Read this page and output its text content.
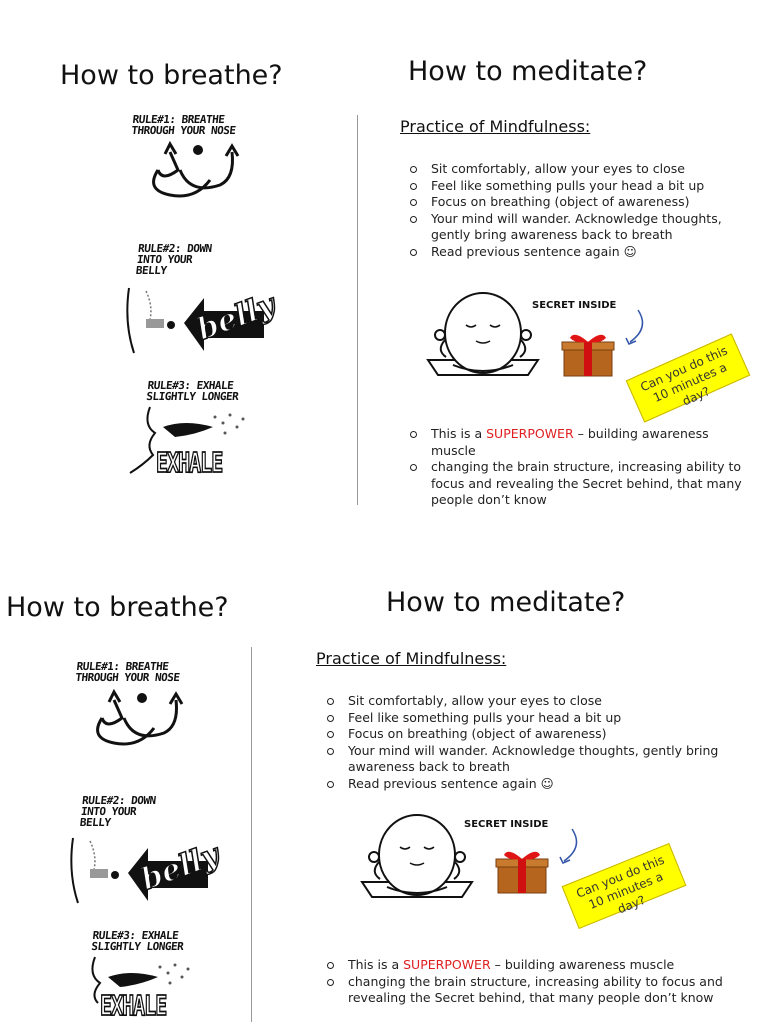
How to breathe?	How to meditate?
RULE#1: BREATHE
THROUGH YOUR NOSE
RULE#2: DOWN
INTO YOUR
BELLY
belly
RULE#3: EXHALE
SLIGHTLY LONGER
EXHALE
Practice of Mindfulness:
Sit comfortably, allow your eyes to close
Feel like something pulls your head a bit up
Focus on breathing (object of awareness)
Your mind will wander. Acknowledge thoughts, gently bring awareness back to breath
Read previous sentence again ☺
SECRET INSIDE
Can you do this 10 minutes a day?
This is a SUPERPOWER – building awareness muscle
changing the brain structure, increasing ability to focus and revealing the Secret behind, that many people don’t know
How to breathe?	How to meditate?
RULE#1: BREATHE
THROUGH YOUR NOSE
RULE#2: DOWN
INTO YOUR
BELLY
belly
RULE#3: EXHALE
SLIGHTLY LONGER
EXHALE
Practice of Mindfulness:
Sit comfortably, allow your eyes to close
Feel like something pulls your head a bit up
Focus on breathing (object of awareness)
Your mind will wander. Acknowledge thoughts, gently bring awareness back to breath
Read previous sentence again ☺
SECRET INSIDE
Can you do this 10 minutes a day?
This is a SUPERPOWER – building awareness muscle
changing the brain structure, increasing ability to focus and revealing the Secret behind, that many people don’t know
